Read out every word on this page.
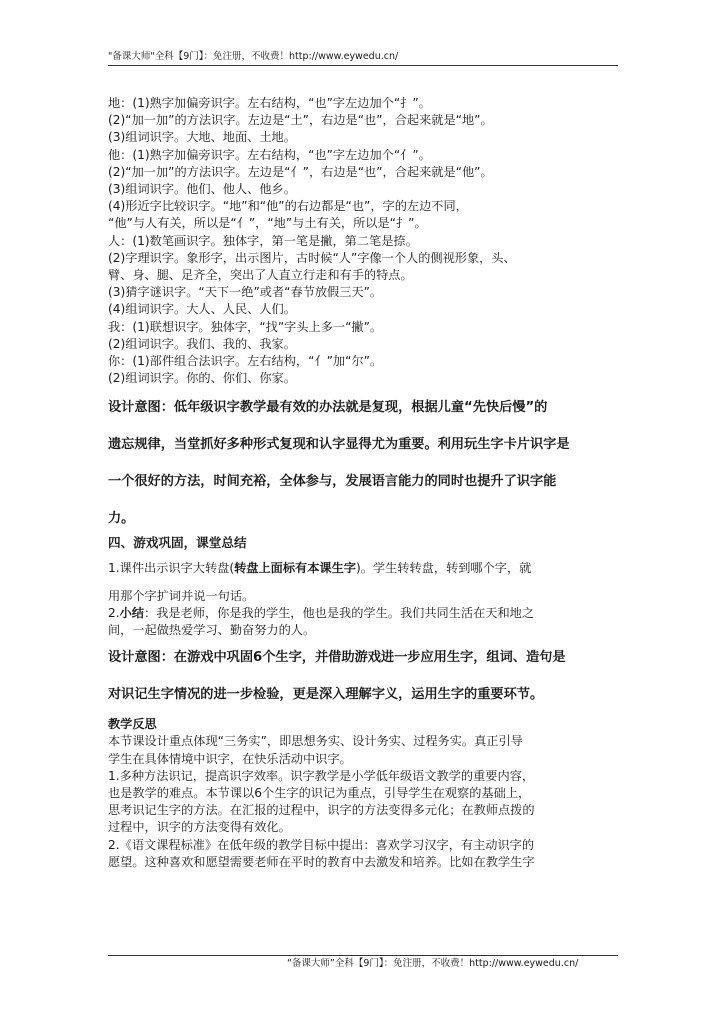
"备课大师"全科【9门】：免注册，不收费！http://www.eywedu.cn/

地：(1)熟字加偏旁识字。左右结构，“也”字左边加个“扌”。

(2)“加一加”的方法识字。左边是“土”，右边是“也”，合起来就是“地”。

(3)组词识字。大地、地面、土地。

他：(1)熟字加偏旁识字。左右结构，“也”字左边加个“亻”。

(2)“加一加”的方法识字。左边是“亻”，右边是“也”，合起来就是“他”。

(3)组词识字。他们、他人、他乡。

(4)形近字比较识字。“地”和“他”的右边都是“也”，字的左边不同，

“他”与人有关，所以是“亻”，“地”与土有关，所以是“扌”。

人：(1)数笔画识字。独体字，第一笔是撇，第二笔是捺。

(2)字理识字。象形字，出示图片，古时候“人”字像一个人的侧视形象，头、

臂、身、腿、足齐全，突出了人直立行走和有手的特点。

(3)猜字谜识字。“天下一绝”或者“春节放假三天”。

(4)组词识字。大人、人民、人们。

我：(1)联想识字。独体字，“找”字头上多一“撇”。

(2)组词识字。我们、我的、我家。

你：(1)部件组合法识字。左右结构，“亻”加“尔”。

(2)组词识字。你的、你们、你家。

设计意图：低年级识字教学最有效的办法就是复现，根据儿童“先快后慢”的

遗忘规律，当堂抓好多种形式复现和认字显得尤为重要。利用玩生字卡片识字是

一个很好的方法，时间充裕，全体参与，发展语言能力的同时也提升了识字能

力。

四、游戏巩固，课堂总结

1.课件出示识字大转盘(转盘上面标有本课生字)。学生转转盘，转到哪个字，就

用那个字扩词并说一句话。

2.小结：我是老师，你是我的学生，他也是我的学生。我们共同生活在天和地之

间，一起做热爱学习、勤奋努力的人。

设计意图：在游戏中巩固6个生字，并借助游戏进一步应用生字，组词、造句是

对识记生字情况的进一步检验，更是深入理解字义，运用生字的重要环节。

教学反思

本节课设计重点体现“三务实”，即思想务实、设计务实、过程务实。真正引导

学生在具体情境中识字，在快乐活动中识字。

1.多种方法识记，提高识字效率。识字教学是小学低年级语文教学的重要内容，

也是教学的难点。本节课以6个生字的识记为重点，引导学生在观察的基础上，

思考识记生字的方法。在汇报的过程中，识字的方法变得多元化；在教师点拨的

过程中，识字的方法变得有效化。

2.《语文课程标准》在低年级的教学目标中提出：喜欢学习汉字，有主动识字的

愿望。这种喜欢和愿望需要老师在平时的教育中去激发和培养。比如在教学生字

“备课大师”全科【9门】：免注册，不收费！http://www.eywedu.cn/
